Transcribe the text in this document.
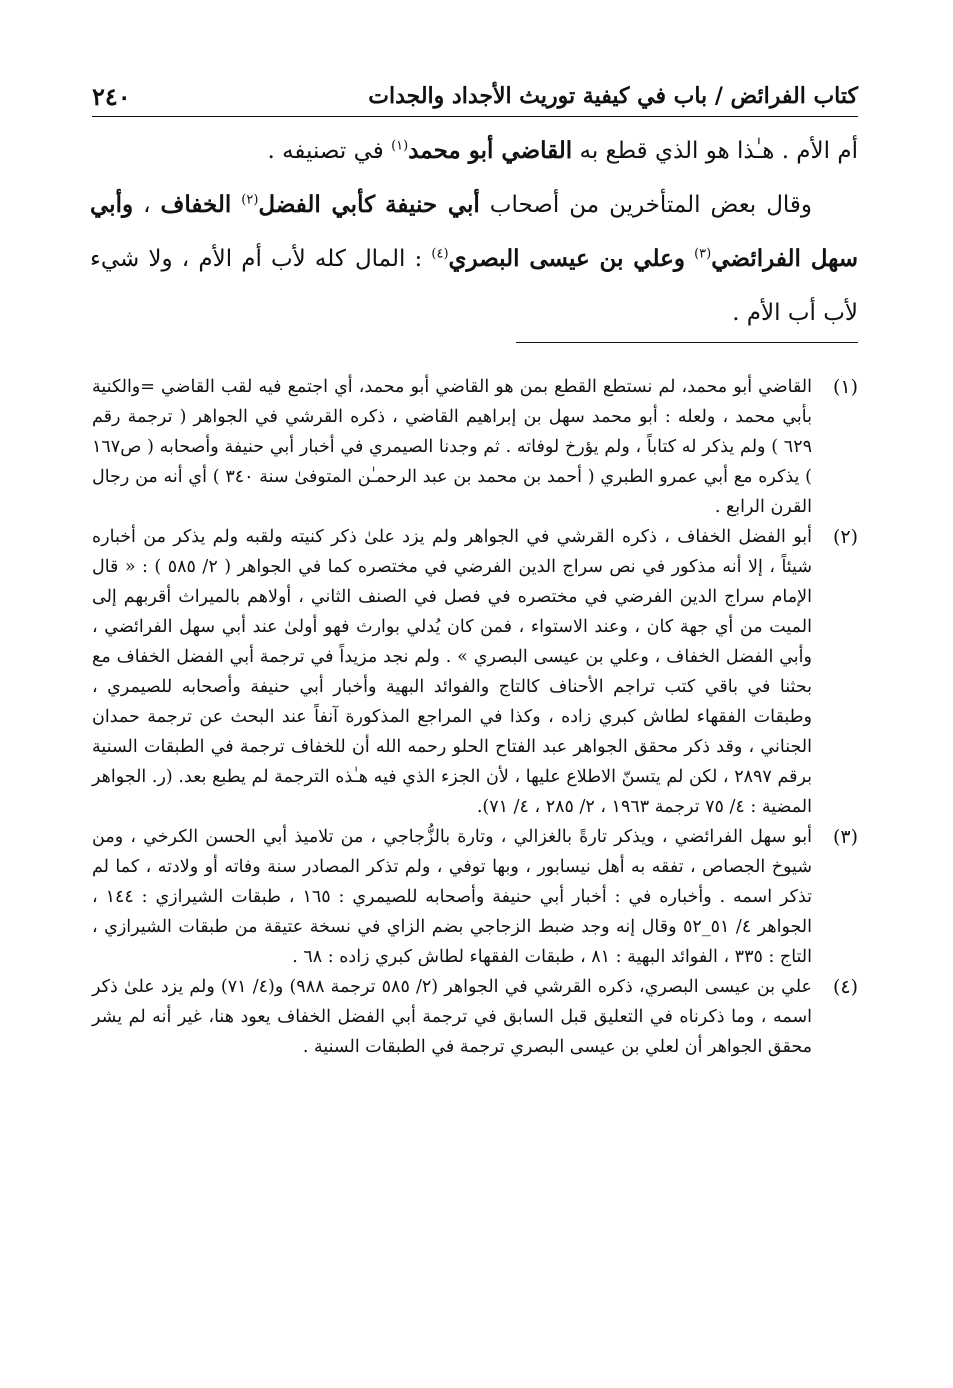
كتاب الفرائض / باب في كيفية توريث الأجداد والجدات
٢٤٠

أم الأم . هـٰذا هو الذي قطع به القاضي أبو محمد$^{(١)}$ في تصنيفه .

وقال بعض المتأخرين من أصحاب أبي حنيفة كأبي الفضل$^{(٢)}$ الخفاف ، وأبي سهل الفرائضي$^{(٣)}$ وعلي بن عيسى البصري$^{(٤)}$ : المال كله لأب أم الأم ، ولا شيء لأب أب الأم .

(١)

القاضي أبو محمد، لم نستطع القطع بمن هو القاضي أبو محمد، أي اجتمع فيه لقب القاضي =والكنية بأبي محمد ، ولعله : أبو محمد سهل بن إبراهيم القاضي ، ذكره القرشي في الجواهر ( ترجمة رقم ٦٢٩ ) ولم يذكر له كتاباً ، ولم يؤرخ لوفاته . ثم وجدنا الصيمري في أخبار أبي حنيفة وأصحابه ( ص١٦٧ ) يذكره مع أبي عمرو الطبري ( أحمد بن محمد بن عبد الرحمـٰن المتوفىٰ سنة ٣٤٠ ) أي أنه من رجال القرن الرابع .

(٢)

أبو الفضل الخفاف ، ذكره القرشي في الجواهر ولم يزد علىٰ ذكر كنيته ولقبه ولم يذكر من أخباره شيئاً ، إلا أنه مذكور في نص سراج الدين الفرضي في مختصره كما في الجواهر ( ٢/ ٥٨٥ ) : « قال الإمام سراج الدين الفرضي في مختصره في فصل في الصنف الثاني ، أولاهم بالميراث أقربهم إلى الميت من أي جهة كان ، وعند الاستواء ، فمن كان يُدلي بوارث فهو أولىٰ عند أبي سهل الفرائضي ، وأبي الفضل الخفاف ، وعلي بن عيسى البصري » . ولم نجد مزيداً في ترجمة أبي الفضل الخفاف مع بحثنا في باقي كتب تراجم الأحناف كالتاج والفوائد البهية وأخبار أبي حنيفة وأصحابه للصيمري ، وطبقات الفقهاء لطاش كبري زاده ، وكذا في المراجع المذكورة آنفاً عند البحث عن ترجمة حمدان الجناني ، وقد ذكر محقق الجواهر عبد الفتاح الحلو رحمه الله أن للخفاف ترجمة في الطبقات السنية برقم ٢٨٩٧ ، لكن لم يتسنّ الاطلاع عليها ، لأن الجزء الذي فيه هـٰذه الترجمة لم يطبع بعد. (ر. الجواهر المضية : ٤/ ٧٥ ترجمة ١٩٦٣ ، ٢/ ٢٨٥ ، ٤/ ٧١).

(٣)

أبو سهل الفرائضي ، ويذكر تارةً بالغزالي ، وتارة بالزُّجاجي ، من تلاميذ أبي الحسن الكرخي ، ومن شيوخ الجصاص ، تفقه به أهل نيسابور ، وبها توفي ، ولم تذكر المصادر سنة وفاته أو ولادته ، كما لم تذكر اسمه . وأخباره في : أخبار أبي حنيفة وأصحابه للصيمري : ١٦٥ ، طبقات الشيرازي : ١٤٤ ، الجواهر ٤/ ٥١_٥٢ وقال إنه وجد ضبط الزجاجي بضم الزاي في نسخة عتيقة من طبقات الشيرازي ، التاج : ٣٣٥ ، الفوائد البهية : ٨١ ، طبقات الفقهاء لطاش كبري زاده : ٦٨ .

(٤)

علي بن عيسى البصري، ذكره القرشي في الجواهر (٢/ ٥٨٥ ترجمة ٩٨٨) و(٤/ ٧١) ولم يزد علىٰ ذكر اسمه ، وما ذكرناه في التعليق قبل السابق في ترجمة أبي الفضل الخفاف يعود هنا، غير أنه لم يشر محقق الجواهر أن لعلي بن عيسى البصري ترجمة في الطبقات السنية .
